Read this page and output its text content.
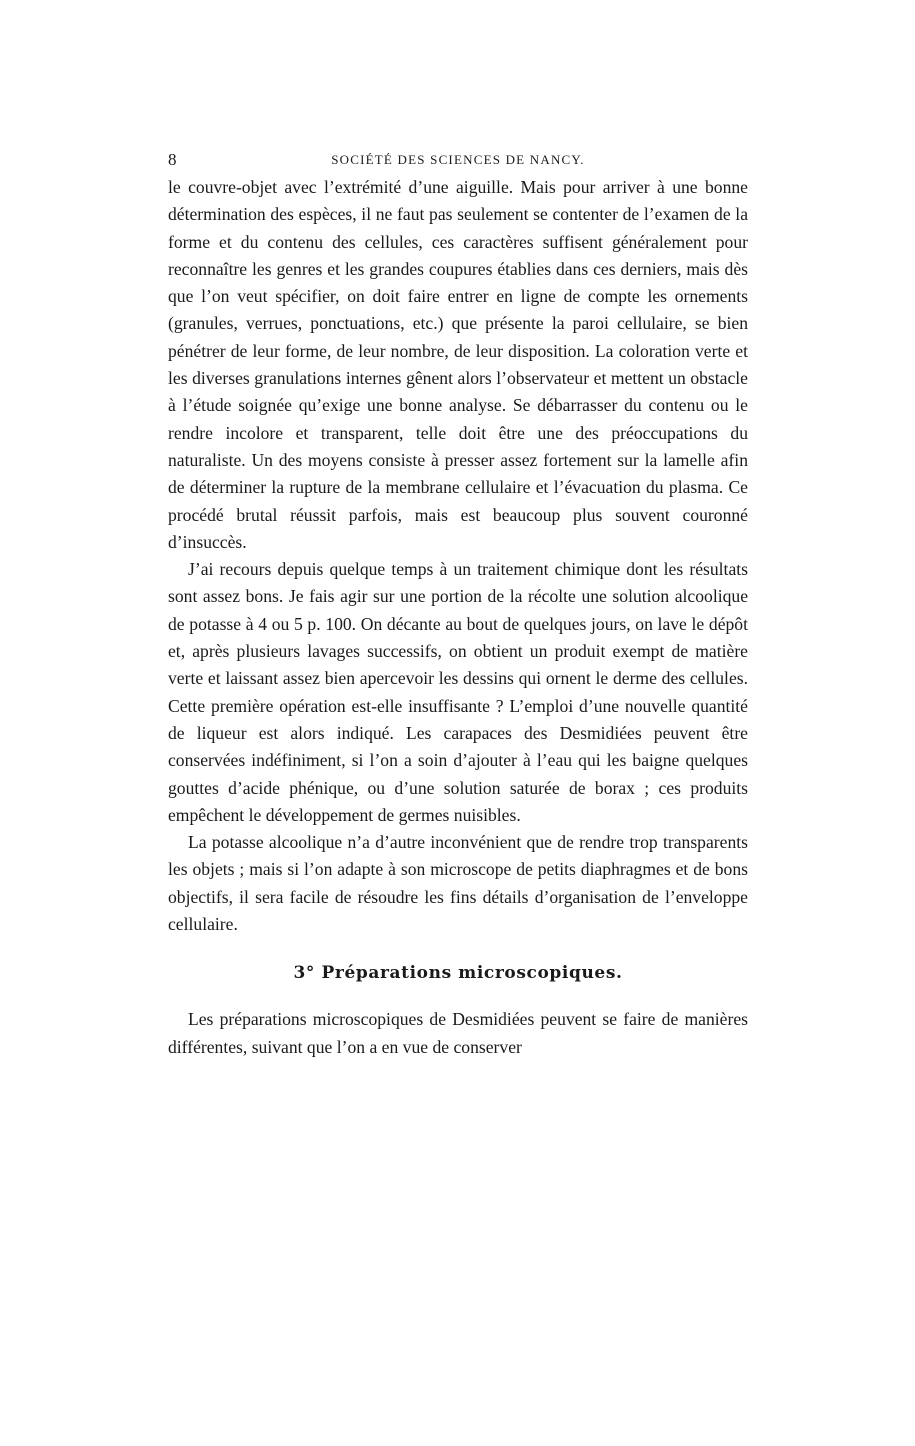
8	SOCIÉTÉ DES SCIENCES DE NANCY.

le couvre-objet avec l’extrémité d’une aiguille. Mais pour arriver à une bonne détermination des espèces, il ne faut pas seulement se contenter de l’examen de la forme et du contenu des cellules, ces caractères suffisent généralement pour reconnaître les genres et les grandes coupures établies dans ces derniers, mais dès que l’on veut spécifier, on doit faire entrer en ligne de compte les ornements (granules, verrues, ponctuations, etc.) que présente la paroi cellulaire, se bien pénétrer de leur forme, de leur nombre, de leur disposition. La coloration verte et les diverses granulations internes gênent alors l’observateur et mettent un obstacle à l’étude soignée qu’exige une bonne analyse. Se débarrasser du contenu ou le rendre incolore et transparent, telle doit être une des préoccupations du naturaliste. Un des moyens consiste à presser assez fortement sur la lamelle afin de déterminer la rupture de la membrane cellulaire et l’évacuation du plasma. Ce procédé brutal réussit parfois, mais est beaucoup plus souvent couronné d’insuccès.

J’ai recours depuis quelque temps à un traitement chimique dont les résultats sont assez bons. Je fais agir sur une portion de la récolte une solution alcoolique de potasse à 4 ou 5 p. 100. On décante au bout de quelques jours, on lave le dépôt et, après plusieurs lavages successifs, on obtient un produit exempt de matière verte et laissant assez bien apercevoir les dessins qui ornent le derme des cellules. Cette première opération est-elle insuffisante ? L’emploi d’une nouvelle quantité de liqueur est alors indiqué. Les carapaces des Desmidiées peuvent être conservées indéfiniment, si l’on a soin d’ajouter à l’eau qui les baigne quelques gouttes d’acide phénique, ou d’une solution saturée de borax ; ces produits empêchent le développement de germes nuisibles.

La potasse alcoolique n’a d’autre inconvénient que de rendre trop transparents les objets ; mais si l’on adapte à son microscope de petits diaphragmes et de bons objectifs, il sera facile de résoudre les fins détails d’organisation de l’enveloppe cellulaire.

3° Préparations microscopiques.

Les préparations microscopiques de Desmidiées peuvent se faire de manières différentes, suivant que l’on a en vue de conserver
